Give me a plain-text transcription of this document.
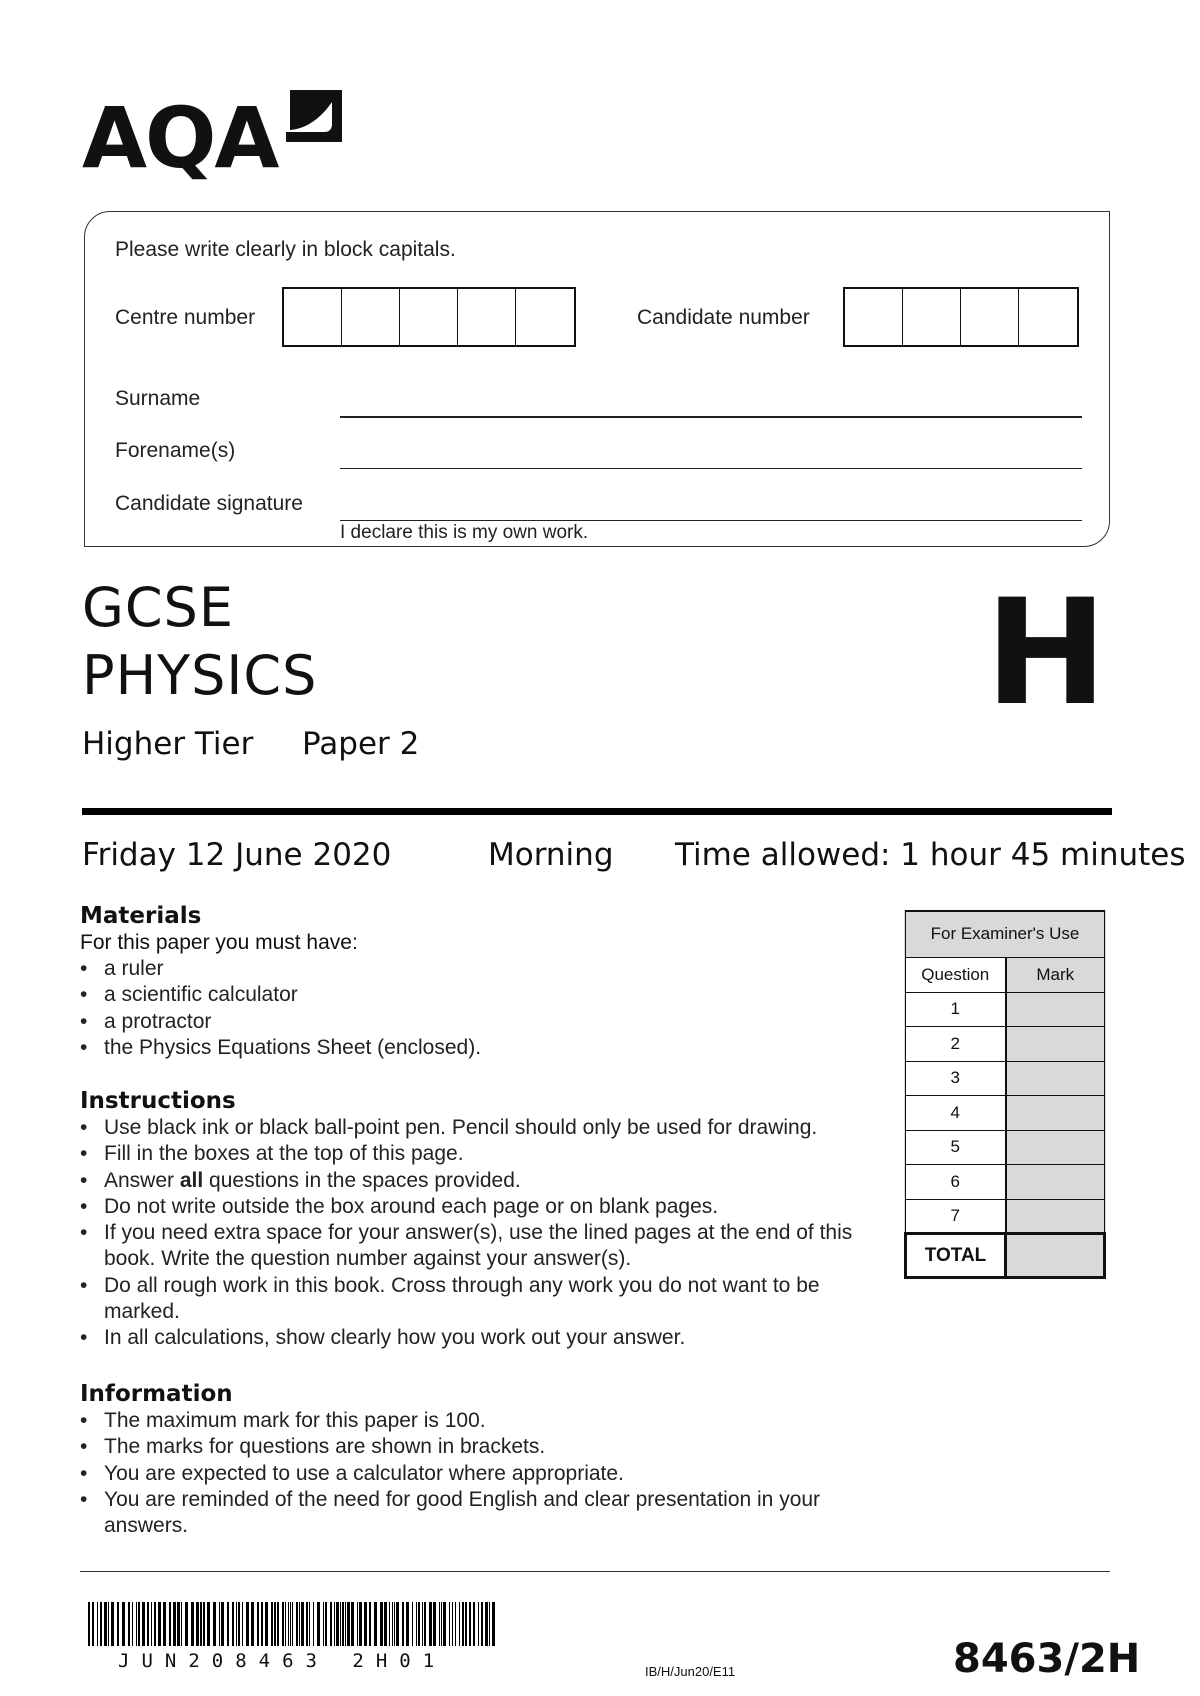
AQA
Please write clearly in block capitals.
Centre number	Candidate number
Surname
Forename(s)
Candidate signature
I declare this is my own work.
GCSE
PHYSICS
Higher Tier Paper 2
H
Friday 12 June 2020	Morning Time allowed: 1 hour 45 minutes
Materials
For this paper you must have:
• a ruler
• a scientific calculator
• a protractor
• the Physics Equations Sheet (enclosed).
Instructions
• Use black ink or black ball-point pen. Pencil should only be used for drawing.
• Fill in the boxes at the top of this page.
• Answer all questions in the spaces provided.
• Do not write outside the box around each page or on blank pages.
• If you need extra space for your answer(s), use the lined pages at the end of this book. Write the question number against your answer(s).
• Do all rough work in this book. Cross through any work you do not want to be marked.
• In all calculations, show clearly how you work out your answer.
Information
• The maximum mark for this paper is 100.
• The marks for questions are shown in brackets.
• You are expected to use a calculator where appropriate.
• You are reminded of the need for good English and clear presentation in your answers.
For Examiner's Use	
Question	Mark
1	
2	
3	
4	
5	
6	
7	
TOTAL	
JUN208463 2H01	IB/H/Jun20/E11	8463/2H
